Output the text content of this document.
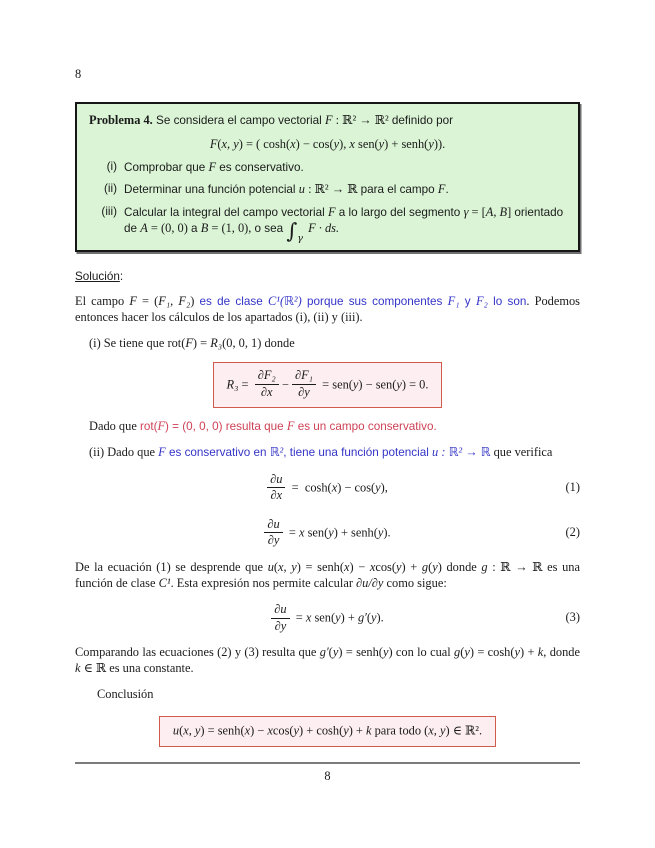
8
Problema 4. Se considera el campo vectorial F : ℝ² → ℝ² definido por
F(x, y) = ( cosh(x) − cos(y), x sen(y) + senh(y)).
(i) Comprobar que F es conservativo.
(ii) Determinar una función potencial u : ℝ² → ℝ para el campo F.
(iii) Calcular la integral del campo vectorial F a lo largo del segmento γ = [A, B] orientado de A = (0, 0) a B = (1, 0), o sea $\int_\gamma$ F · ds.
Solución:
El campo F = (F₁, F₂) es de clase C¹(ℝ²) porque sus componentes F₁ y F₂ lo son. Podemos entonces hacer los cálculos de los apartados (i), (ii) y (iii).
(i) Se tiene que rot(F) = R₃(0, 0, 1) donde
$R_3 = \frac{\text{∂F₂}}{\partial x} - \frac{\text{∂F₁}}{\partial y} = sen(y) - sen(y) = 0$.
Dado que rot(F) = (0, 0, 0) resulta que F es un campo conservativo.
(ii) Dado que F es conservativo en ℝ², tiene una función potencial u : ℝ² → ℝ que verifica
$\frac{\partial u}{\partial x} = \cosh(x) - \cos(y)$,	(1)
$\frac{\partial u}{\partial y} = x$ sen(y) + senh(y).	(2)
De la ecuación (1) se desprende que u(x, y) = senh(x) − xcos(y) + g(y) donde g : ℝ → ℝ es una función de clase C¹. Esta expresión nos permite calcular ∂u/∂y como sigue:
$\frac{\partial u}{\partial y} = x$ sen(y) + g′(y).	(3)
Comparando las ecuaciones (2) y (3) resulta que g′(y) = senh(y) con lo cual g(y) = cosh(y) + k, donde k ∈ ℝ es una constante.
Conclusión
u(x, y) = senh(x) − xcos(y) + cosh(y) + k para todo (x, y) ∈ ℝ².
8
